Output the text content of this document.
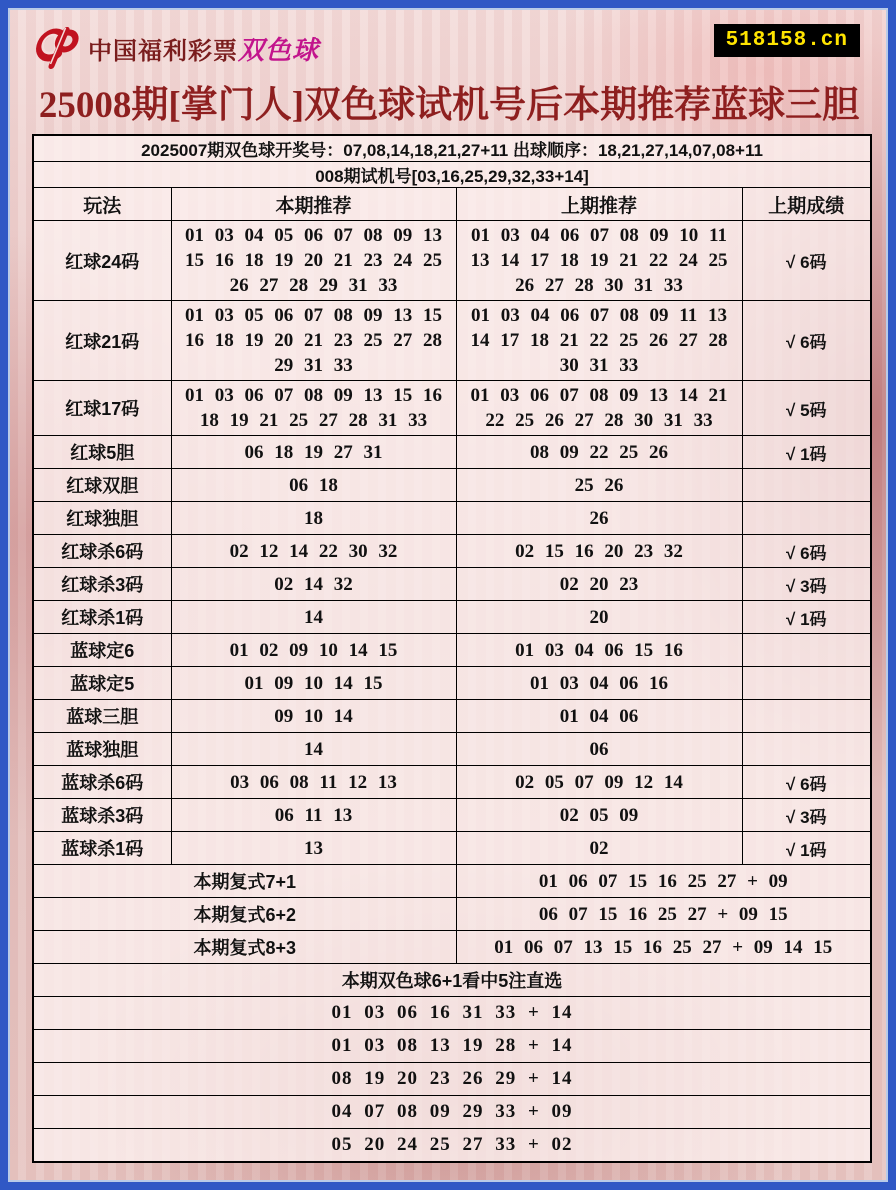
中国福利彩票双色球	518158.cn
25008期[掌门人]双色球试机号后本期推荐蓝球三胆
2025007期双色球开奖号：07,08,14,18,21,27+11 出球顺序：18,21,27,14,07,08+11			
008期试机号[03,16,25,29,32,33+14]			
玩法	本期推荐	上期推荐	上期成绩
红球24码	01 03 04 05 06 07 08 09 13 15 16 18 19 20 21 23 24 25 26 27 28 29 31 33	01 03 04 06 07 08 09 10 11 13 14 17 18 19 21 22 24 25 26 27 28 30 31 33	√ 6码
红球21码	01 03 05 06 07 08 09 13 15 16 18 19 20 21 23 25 27 28 29 31 33	01 03 04 06 07 08 09 11 13 14 17 18 21 22 25 26 27 28 30 31 33	√ 6码
红球17码	01 03 06 07 08 09 13 15 16 18 19 21 25 27 28 31 33	01 03 06 07 08 09 13 14 21 22 25 26 27 28 30 31 33	√ 5码
红球5胆	06 18 19 27 31	08 09 22 25 26	√ 1码
红球双胆	06 18	25 26	
红球独胆	18	26	
红球杀6码	02 12 14 22 30 32	02 15 16 20 23 32	√ 6码
红球杀3码	02 14 32	02 20 23	√ 3码
红球杀1码	14	20	√ 1码
蓝球定6	01 02 09 10 14 15	01 03 04 06 15 16	
蓝球定5	01 09 10 14 15	01 03 04 06 16	
蓝球三胆	09 10 14	01 04 06	
蓝球独胆	14	06	
蓝球杀6码	03 06 08 11 12 13	02 05 07 09 12 14	√ 6码
蓝球杀3码	06 11 13	02 05 09	√ 3码
蓝球杀1码	13	02	√ 1码
本期复式7+1		01 06 07 15 16 25 27 + 09	
本期复式6+2		06 07 15 16 25 27 + 09 15	
本期复式8+3		01 06 07 13 15 16 25 27 + 09 14 15	
本期双色球6+1看中5注直选			
01 03 06 16 31 33 + 14			
01 03 08 13 19 28 + 14			
08 19 20 23 26 29 + 14			
04 07 08 09 29 33 + 09			
05 20 24 25 27 33 + 02			
